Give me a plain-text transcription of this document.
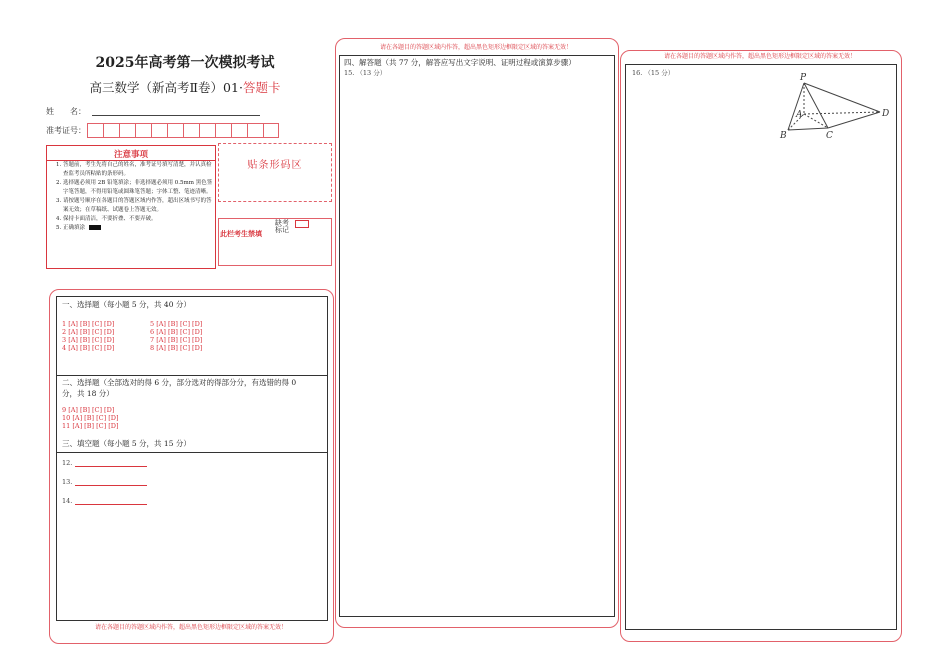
2025年高考第一次模拟考试
高三数学（新高考Ⅱ卷）01·答题卡
姓　　名：
准考证号：
注意事项
1. 答题前，考生先将自己的姓名，准考证号填写清楚，并认真检查监考员所粘贴的条形码。
2. 选择题必须用 2B 铅笔填涂；非选择题必须用 0.5mm 黑色签字笔答题，不得用铅笔或圆珠笔答题；字体工整、笔迹清晰。
3. 请按题号顺序在各题目的答题区域内作答，超出区域书写的答案无效；在草稿纸、试题卷上答题无效。
4. 保持卡面清洁，不要折叠、不要弄破。
5. 正确填涂
贴条形码区
此栏考生禁填
缺考
标记
一、选择题（每小题 5 分，共 40 分）
1 [A] [B] [C] [D]
2 [A] [B] [C] [D]
3 [A] [B] [C] [D]
4 [A] [B] [C] [D]
5 [A] [B] [C] [D]
6 [A] [B] [C] [D]
7 [A] [B] [C] [D]
8 [A] [B] [C] [D]
二、选择题（全部选对的得 6 分，部分选对的得部分分，有选错的得 0
分，共 18 分）
9 [A] [B] [C] [D]
10 [A] [B] [C] [D]
11 [A] [B] [C] [D]
三、填空题（每小题 5 分，共 15 分）
12.
13.
14.
请在各题目的答题区域内作答，超出黑色矩形边框限定区域的答案无效！
请在各题目的答题区域内作答，超出黑色矩形边框限定区域的答案无效！
四、解答题（共 77 分，解答应写出文字说明、证明过程或演算步骤）
15. （13 分）
请在各题目的答题区域内作答，超出黑色矩形边框限定区域的答案无效！
16. （15 分）	P
A
B	C
D
